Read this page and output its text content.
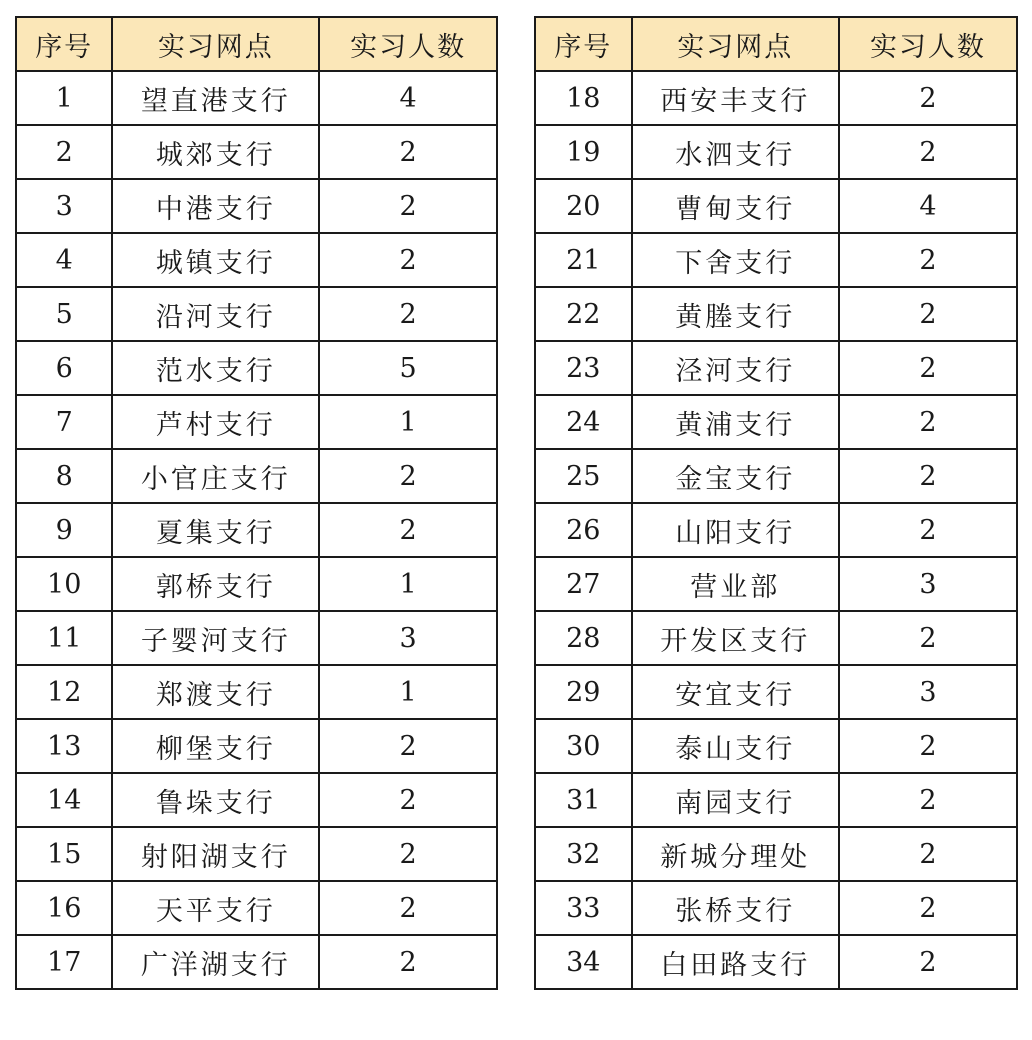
序号	实习网点	实习人数
1	望直港支行	4
2	城郊支行	2
3	中港支行	2
4	城镇支行	2
5	沿河支行	2
6	范水支行	5
7	芦村支行	1
8	小官庄支行	2
9	夏集支行	2
10	郭桥支行	1
11	子婴河支行	3
12	郑渡支行	1
13	柳堡支行	2
14	鲁垛支行	2
15	射阳湖支行	2
16	天平支行	2
17	广洋湖支行	2
序号	实习网点	实习人数
18	西安丰支行	2
19	水泗支行	2
20	曹甸支行	4
21	下舍支行	2
22	黄塍支行	2
23	泾河支行	2
24	黄浦支行	2
25	金宝支行	2
26	山阳支行	2
27	营业部	3
28	开发区支行	2
29	安宜支行	3
30	泰山支行	2
31	南园支行	2
32	新城分理处	2
33	张桥支行	2
34	白田路支行	2
